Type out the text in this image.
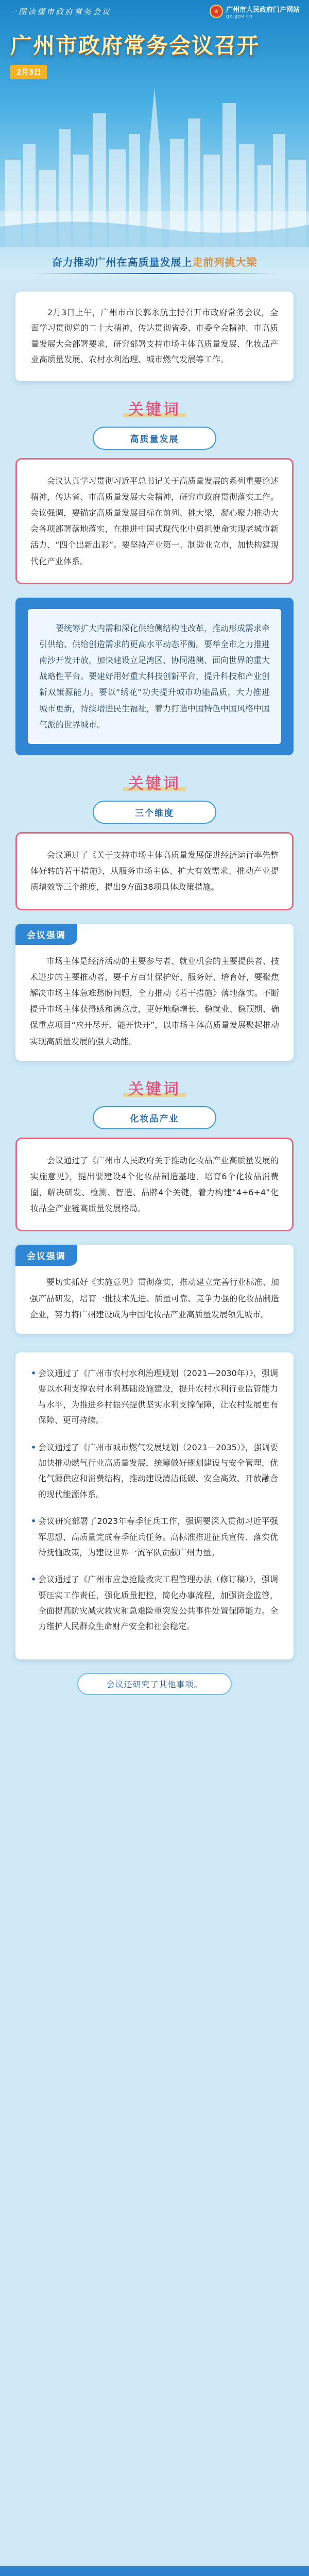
一图读懂市政府常务会议	★	广州市人民政府门户网站
gz.gov.cn
广州市政府常务会议召开
2月3日
奋力推动广州在高质量发展上走前列挑大梁

2月3日上午，广州市市长郭永航主持召开市政府常务会议，全面学习贯彻党的二十大精神，传达贯彻省委、市委全会精神、市高质量发展大会部署要求，研究部署支持市场主体高质量发展、化妆品产业高质量发展、农村水利治理、城市燃气发展等工作。

关键词
高质量发展

会议认真学习贯彻习近平总书记关于高质量发展的系列重要论述精神，传达省、市高质量发展大会精神，研究市政府贯彻落实工作。会议强调，要锚定高质量发展目标在前列、挑大梁，凝心聚力推动大会各项部署落地落实，在推进中国式现代化中勇担使命实现老城市新活力、“四个出新出彩”。要坚持产业第一、制造业立市，加快构建现代化产业体系。

要统筹扩大内需和深化供给侧结构性改革，推动形成需求牵引供给、供给创造需求的更高水平动态平衡。要举全市之力推进南沙开发开放，加快建设立足湾区、协同港澳、面向世界的重大战略性平台。要建好用好重大科技创新平台，提升科技和产业创新双策源能力。要以“绣花”功夫提升城市功能品质，大力推进城市更新，持续增进民生福祉，着力打造中国特色中国风格中国气派的世界城市。

关键词
三个维度

会议通过了《关于支持市场主体高质量发展促进经济运行率先整体好转的若干措施》，从服务市场主体、扩大有效需求、推动产业提质增效等三个维度，提出9方面38项具体政策措施。

会议强调

市场主体是经济活动的主要参与者、就业机会的主要提供者、技术进步的主要推动者，要千方百计保护好、服务好、培育好，要聚焦解决市场主体急难愁盼问题，全力推动《若干措施》落地落实。不断提升市场主体获得感和满意度，更好地稳增长、稳就业、稳预期、确保重点项目“应开尽开、能开快开”，以市场主体高质量发展聚起推动实现高质量发展的强大动能。

关键词
化妆品产业

会议通过了《广州市人民政府关于推动化妆品产业高质量发展的实施意见》，提出要建设4个化妆品制造基地，培育6个化妆品消费圈，解决研发、检测、智造、品牌4个关键，着力构建“4+6+4”化妆品全产业链高质量发展格局。

会议强调

要切实抓好《实施意见》贯彻落实，推动建立完善行业标准、加强产品研发，培育一批技术先进、质量可靠、竞争力强的化妆品制造企业，努力将广州建设成为中国化妆品产业高质量发展领先城市。

• 会议通过了《广州市农村水利治理规划（2021—2030年）》，强调要以水利支撑农村水利基础设施建设，提升农村水利行业监管能力与水平，为推进乡村振兴提供坚实水利支撑保障，让农村发展更有保障、更可持续。
• 会议通过了《广州市城市燃气发展规划（2021—2035）》，强调要加快推动燃气行业高质量发展，统筹做好规划建设与安全管理，优化气源供应和消费结构，推动建设清洁低碳、安全高效、开放融合的现代能源体系。
• 会议研究部署了2023年春季征兵工作，强调要深入贯彻习近平强军思想，高质量完成春季征兵任务。高标准推进征兵宣传、落实优待抚恤政策，为建设世界一流军队贡献广州力量。
• 会议通过了《广州市应急抢险救灾工程管理办法（修订稿）》，强调要压实工作责任，强化质量把控，简化办事流程，加强资金监管，全面提高防灾减灾救灾和急难险重突发公共事件处置保障能力。全力维护人民群众生命财产安全和社会稳定。
会议还研究了其他事项。
